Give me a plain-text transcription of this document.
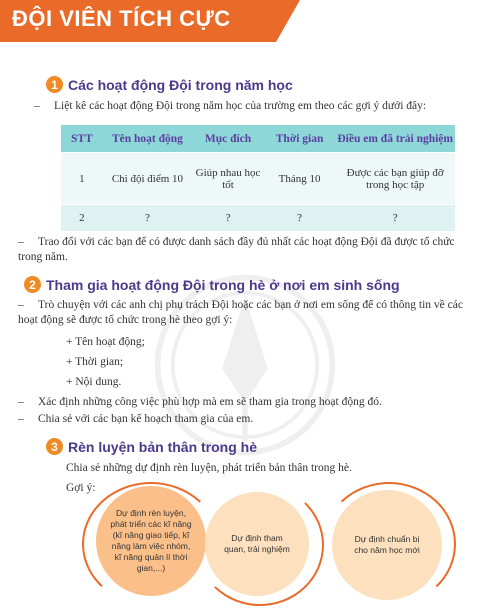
ĐỘI VIÊN TÍCH CỰC
1 Các hoạt động Đội trong năm học
– Liệt kê các hoạt động Đội trong năm học của trường em theo các gợi ý dưới đây:
STT	Tên hoạt động	Mục đích	Thời gian	Điều em đã trải nghiệm
1	Chi đội điểm 10	Giúp nhau học tốt	Tháng 10	Được các bạn giúp đỡ trong học tập
2	?	?	?	?
– Trao đổi với các bạn để có được danh sách đầy đủ nhất các hoạt động Đội đã được tổ chức trong năm.
2 Tham gia hoạt động Đội trong hè ở nơi em sinh sống
– Trò chuyện với các anh chị phụ trách Đội hoặc các bạn ở nơi em sống để có thông tin về các hoạt động sẽ được tổ chức trong hè theo gợi ý:
+ Tên hoạt động;
+ Thời gian;
+ Nội dung.
– Xác định những công việc phù hợp mà em sẽ tham gia trong hoạt động đó.
– Chia sẻ với các bạn kế hoạch tham gia của em.
3 Rèn luyện bản thân trong hè
Chia sẻ những dự định rèn luyện, phát triển bản thân trong hè.
Gợi ý:
Dự định rèn luyện, phát triển các kĩ năng (kĩ năng giao tiếp, kĩ năng làm việc nhóm, kĩ năng quản lí thời gian,...)
Dự định tham quan, trải nghiệm
Dự định chuẩn bị cho năm học mới
